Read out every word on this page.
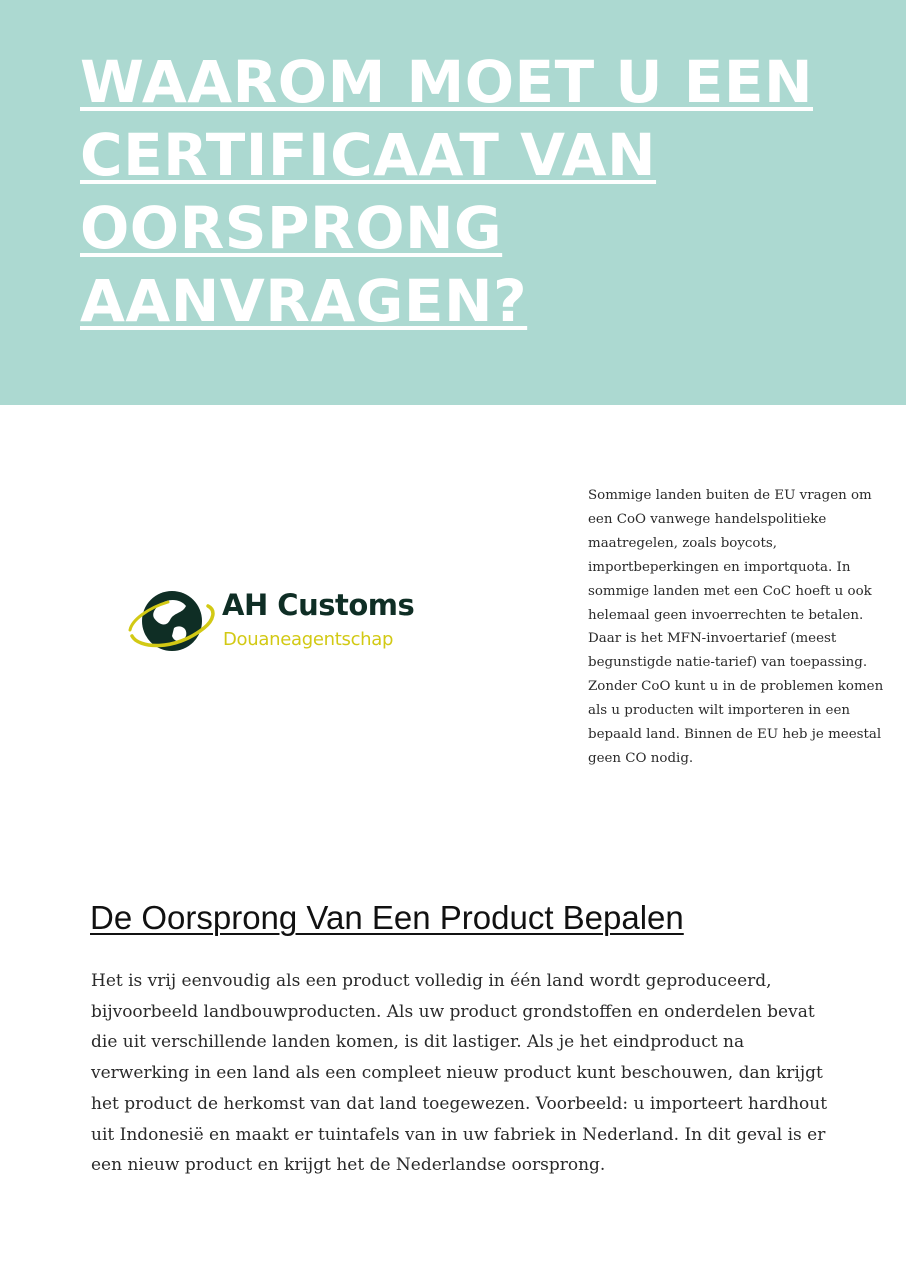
WAAROM MOET U EEN CERTIFICAAT VAN OORSPRONG AANVRAGEN?
AH Customs
Douaneagentschap

Sommige landen buiten de EU vragen om een CoO vanwege handelspolitieke maatregelen, zoals boycots, importbeperkingen en importquota. In sommige landen met een CoC hoeft u ook helemaal geen invoerrechten te betalen. Daar is het MFN-invoertarief (meest begunstigde natie-tarief) van toepassing. Zonder CoO kunt u in de problemen komen als u producten wilt importeren in een bepaald land. Binnen de EU heb je meestal geen CO nodig.

De Oorsprong Van Een Product Bepalen

Het is vrij eenvoudig als een product volledig in één land wordt geproduceerd, bijvoorbeeld landbouwproducten. Als uw product grondstoffen en onderdelen bevat die uit verschillende landen komen, is dit lastiger. Als je het eindproduct na verwerking in een land als een compleet nieuw product kunt beschouwen, dan krijgt het product de herkomst van dat land toegewezen. Voorbeeld: u importeert hardhout uit Indonesië en maakt er tuintafels van in uw fabriek in Nederland. In dit geval is er een nieuw product en krijgt het de Nederlandse oorsprong.
